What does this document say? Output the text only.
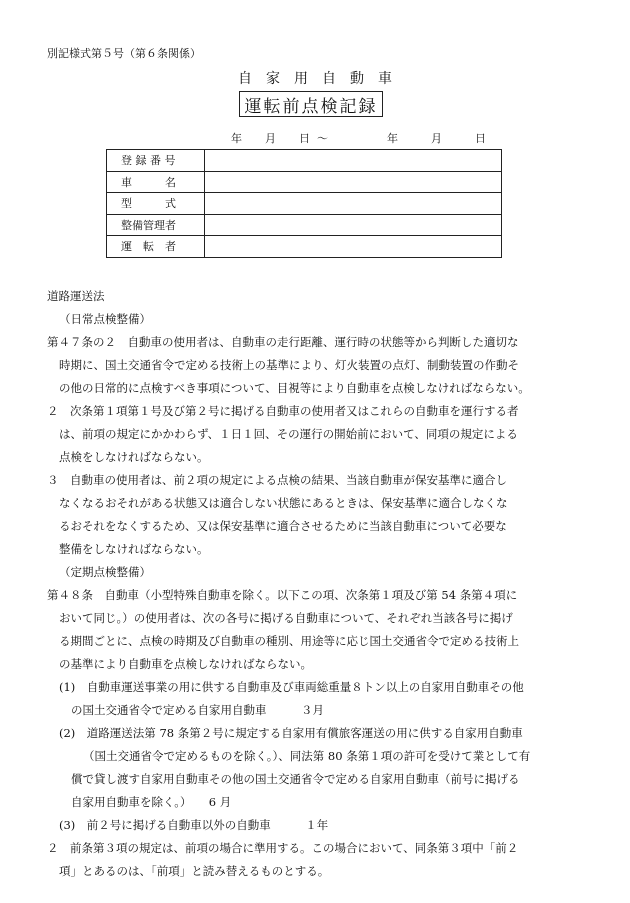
別記様式第５号（第６条関係）
自家用自動車
運転前点検記録
年 月 日 ～	年	月	日
登 録 番 号	
車　　　名	
型　　　式	
整備管理者	
運　転　者	
道路運送法
（日常点検整備）
第４７条の２　自動車の使用者は、自動車の走行距離、運行時の状態等から判断した適切な
時期に、国土交通省令で定める技術上の基準により、灯火装置の点灯、制動装置の作動そ
の他の日常的に点検すべき事項について、目視等により自動車を点検しなければならない。
２　次条第１項第１号及び第２号に掲げる自動車の使用者又はこれらの自動車を運行する者
は、前項の規定にかかわらず、１日１回、その運行の開始前において、同項の規定による
点検をしなければならない。
３　自動車の使用者は、前２項の規定による点検の結果、当該自動車が保安基準に適合し
なくなるおそれがある状態又は適合しない状態にあるときは、保安基準に適合しなくな
るおそれをなくするため、又は保安基準に適合させるために当該自動車について必要な
整備をしなければならない。
（定期点検整備）
第４８条　自動車（小型特殊自動車を除く。以下この項、次条第１項及び第 54 条第４項に
おいて同じ。）の使用者は、次の各号に掲げる自動車について、それぞれ当該各号に掲げ
る期間ごとに、点検の時期及び自動車の種別、用途等に応じ国土交通省令で定める技術上
の基準により自動車を点検しなければならない。
(1)　自動車運送事業の用に供する自動車及び車両総重量８トン以上の自家用自動車その他
の国土交通省令で定める自家用自動車　　　３月
(2)　道路運送法第 78 条第２号に規定する自家用有償旅客運送の用に供する自家用自動車
（国土交通省令で定めるものを除く。）、同法第 80 条第１項の許可を受けて業として有
償で貸し渡す自家用自動車その他の国土交通省令で定める自家用自動車（前号に掲げる
自家用自動車を除く。）　　6 月
(3)　前２号に掲げる自動車以外の自動車　　　１年
２　前条第３項の規定は、前項の場合に準用する。この場合において、同条第３項中「前２
項」とあるのは、「前項」と読み替えるものとする。
